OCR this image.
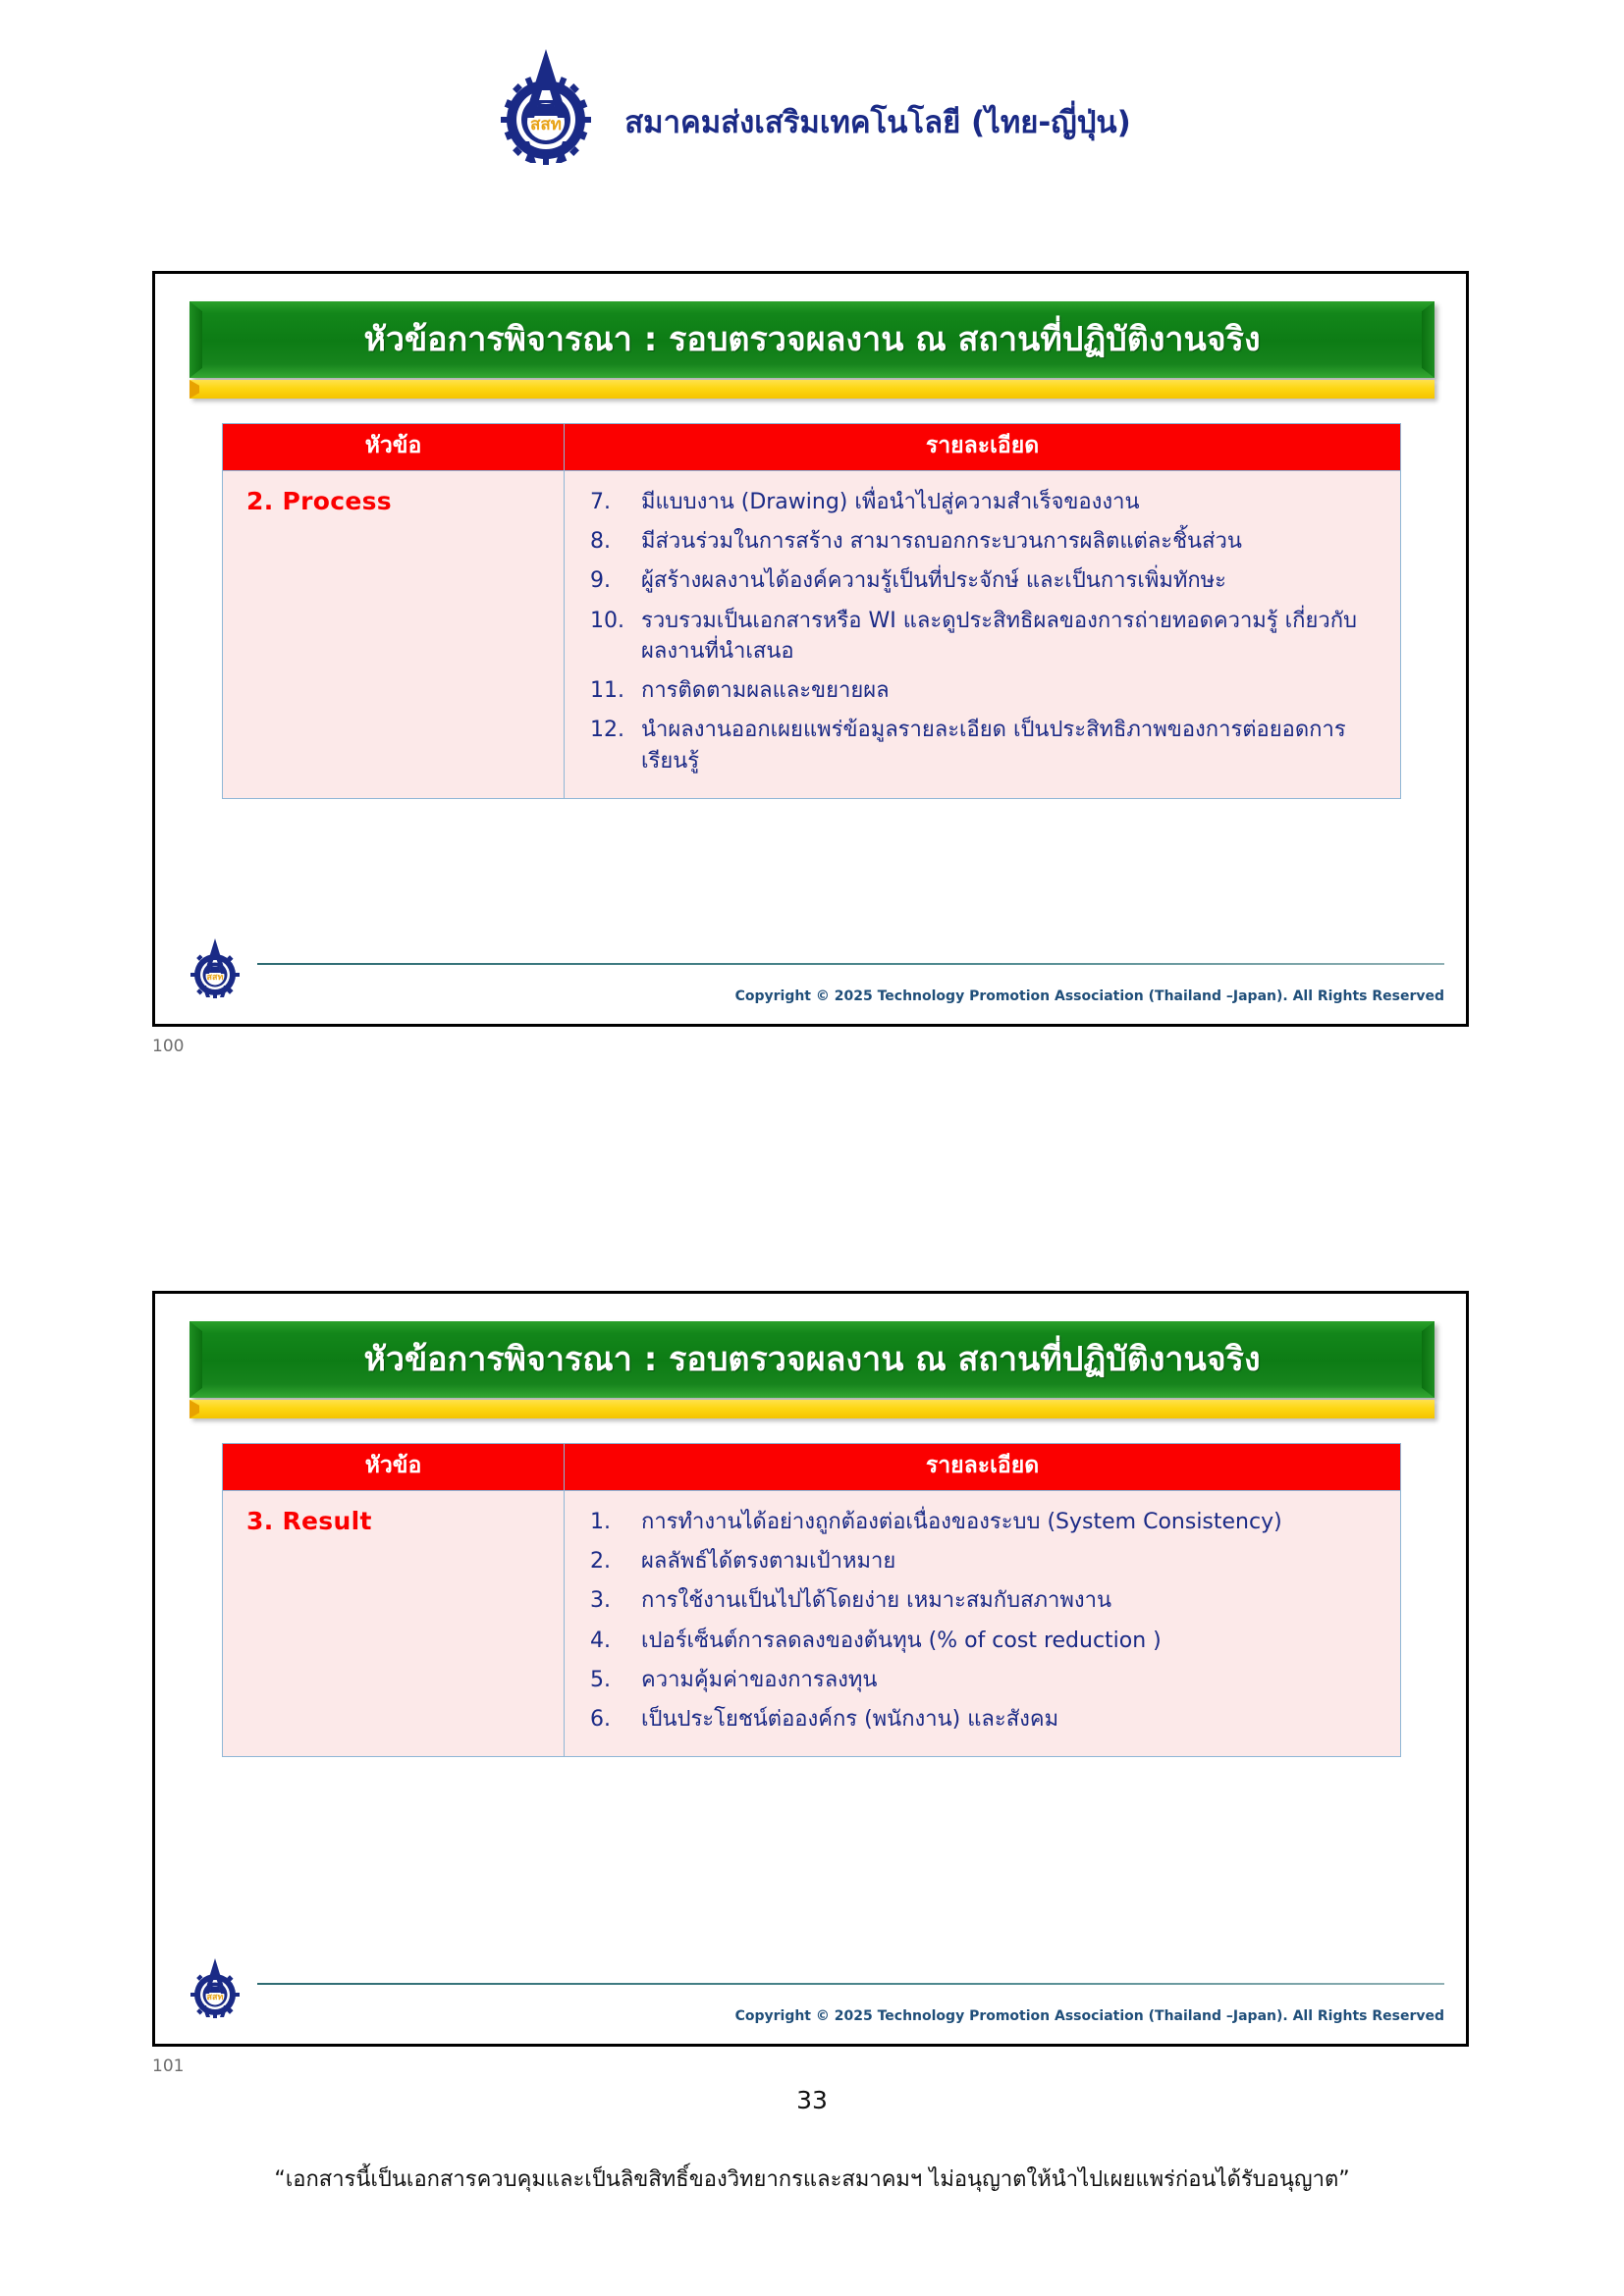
สสท สมาคมส่งเสริมเทคโนโลยี (ไทย-ญี่ปุ่น)
หัวข้อการพิจารณา : รอบตรวจผลงาน ณ สถานที่ปฏิบัติงานจริง
หัวข้อ	รายละเอียด

2. Process	7.	มีแบบงาน (Drawing) เพื่อนำไปสู่ความสำเร็จของงาน
8.	มีส่วนร่วมในการสร้าง สามารถบอกกระบวนการผลิตแต่ละชิ้นส่วน
9.	ผู้สร้างผลงานได้องค์ความรู้เป็นที่ประจักษ์ และเป็นการเพิ่มทักษะ
10. รวบรวมเป็นเอกสารหรือ WI และดูประสิทธิผลของการถ่ายทอดความรู้ เกี่ยวกับผลงานที่นำเสนอ
11. การติดตามผลและขยายผล
12. นำผลงานออกเผยแพร่ข้อมูลรายละเอียด เป็นประสิทธิภาพของการต่อยอดการเรียนรู้
สสท
Copyright © 2025 Technology Promotion Association (Thailand –Japan). All Rights Reserved
100
หัวข้อการพิจารณา : รอบตรวจผลงาน ณ สถานที่ปฏิบัติงานจริง
หัวข้อ	รายละเอียด

3. Result	1.	การทำงานได้อย่างถูกต้องต่อเนื่องของระบบ (System Consistency)
2.	ผลลัพธ์ได้ตรงตามเป้าหมาย
3.	การใช้งานเป็นไปได้โดยง่าย เหมาะสมกับสภาพงาน
4.	เปอร์เซ็นต์การลดลงของต้นทุน (% of cost reduction )
5.	ความคุ้มค่าของการลงทุน
6.	เป็นประโยชน์ต่อองค์กร (พนักงาน) และสังคม
สสท
Copyright © 2025 Technology Promotion Association (Thailand –Japan). All Rights Reserved
101
33
“เอกสารนี้เป็นเอกสารควบคุมและเป็นลิขสิทธิ์ของวิทยากรและสมาคมฯ ไม่อนุญาตให้นำไปเผยแพร่ก่อนได้รับอนุญาต”
